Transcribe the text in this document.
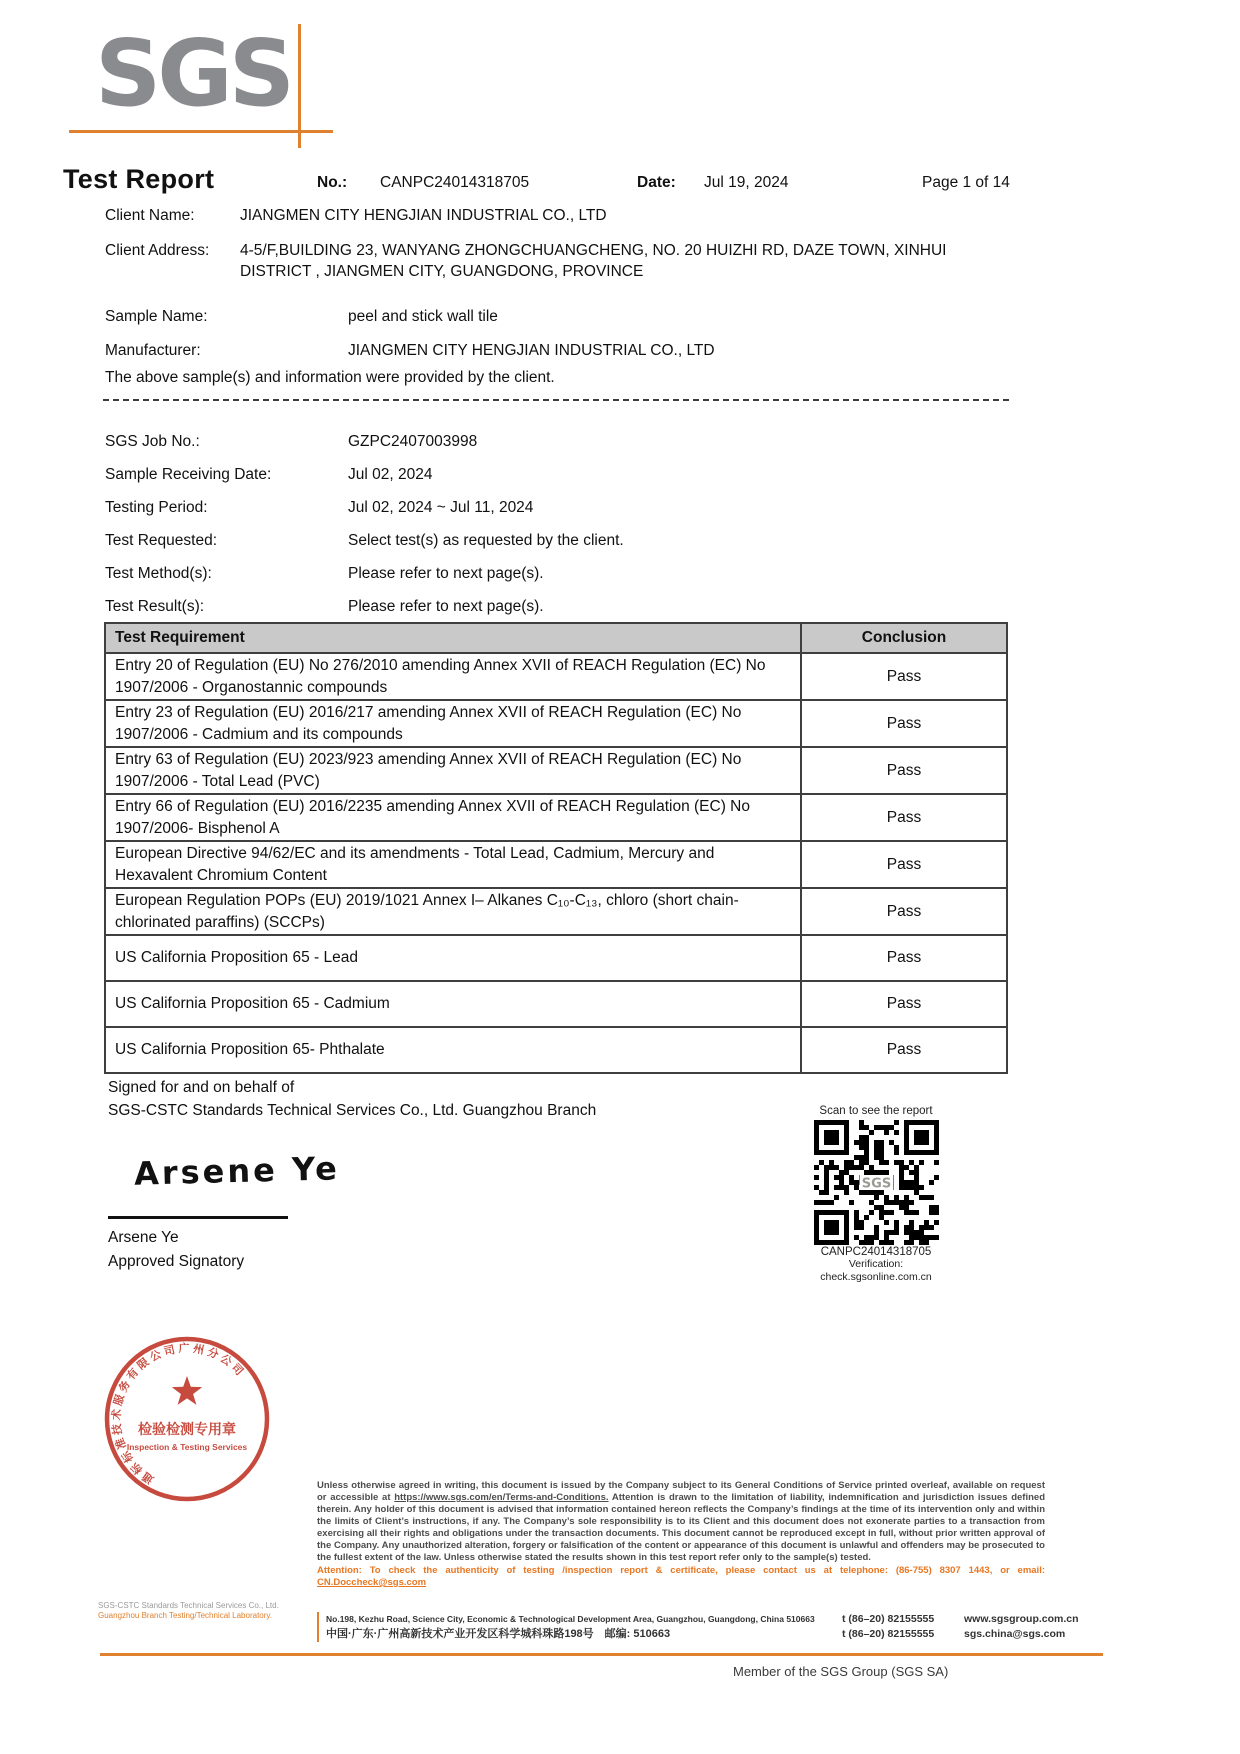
SGS
Test Report	No.: CANPC24014318705	Date: Jul 19, 2024	Page 1 of 14
Client Name:	JIANGMEN CITY HENGJIAN INDUSTRIAL CO., LTD
Client Address:	4-5/F,BUILDING 23, WANYANG ZHONGCHUANGCHENG, NO. 20 HUIZHI RD, DAZE TOWN, XINHUI DISTRICT , JIANGMEN CITY, GUANGDONG, PROVINCE
Sample Name:	peel and stick wall tile
Manufacturer:	JIANGMEN CITY HENGJIAN INDUSTRIAL CO., LTD
The above sample(s) and information were provided by the client.
SGS Job No.:	GZPC2407003998
Sample Receiving Date:	Jul 02, 2024
Testing Period:	Jul 02, 2024 ~ Jul 11, 2024
Test Requested:	Select test(s) as requested by the client.
Test Method(s):	Please refer to next page(s).
Test Result(s):	Please refer to next page(s).
Test Requirement	Conclusion
Entry 20 of Regulation (EU) No 276/2010 amending Annex XVII of REACH Regulation (EC) No 1907/2006 - Organostannic compounds	Pass
Entry 23 of Regulation (EU) 2016/217 amending Annex XVII of REACH Regulation (EC) No 1907/2006 - Cadmium and its compounds	Pass
Entry 63 of Regulation (EU) 2023/923 amending Annex XVII of REACH Regulation (EC) No 1907/2006 - Total Lead (PVC)	Pass
Entry 66 of Regulation (EU) 2016/2235 amending Annex XVII of REACH Regulation (EC) No 1907/2006- Bisphenol A	Pass
European Directive 94/62/EC and its amendments - Total Lead, Cadmium, Mercury and Hexavalent Chromium Content	Pass
European Regulation POPs (EU) 2019/1021 Annex I– Alkanes C₁₀-C₁₃, chloro (short chain-chlorinated paraffins) (SCCPs)	Pass
US California Proposition 65 - Lead	Pass
US California Proposition 65 - Cadmium	Pass
US California Proposition 65- Phthalate	Pass
Signed for and on behalf of
SGS-CSTC Standards Technical Services Co., Ltd. Guangzhou Branch
Arsene Ye
Arsene Ye
Approved Signatory
Scan to see the report
SGS
CANPC24014318705
Verification:
check.sgsonline.com.cn
SGS-CSTC Standards Technical Services Co., Ltd.
Guangzhou Branch Testing/Technical Laboratory.
Unless otherwise agreed in writing, this document is issued by the Company subject to its General Conditions of Service printed overleaf, available on request or accessible at https://www.sgs.com/en/Terms-and-Conditions. Attention is drawn to the limitation of liability, indemnification and jurisdiction issues defined therein. Any holder of this document is advised that information contained hereon reflects the Company’s findings at the time of its intervention only and within the limits of Client’s instructions, if any. The Company’s sole responsibility is to its Client and this document does not exonerate parties to a transaction from exercising all their rights and obligations under the transaction documents. This document cannot be reproduced except in full, without prior written approval of the Company. Any unauthorized alteration, forgery or falsification of the content or appearance of this document is unlawful and offenders may be prosecuted to the fullest extent of the law. Unless otherwise stated the results shown in this test report refer only to the sample(s) tested.
Attention: To check the authenticity of testing /inspection report & certificate, please contact us at telephone: (86-755) 8307 1443, or email: CN.Doccheck@sgs.com
No.198, Kezhu Road, Science City, Economic & Technological Development Area, Guangzhou, Guangdong, China 510663	t (86–20) 82155555	www.sgsgroup.com.cn
中国·广东·广州高新技术产业开发区科学城科珠路198号　邮编: 510663	t (86–20) 82155555	sgs.china@sgs.com
Member of the SGS Group (SGS SA)
通标标准技术服务有限公司广州分公司
检验检测专用章
Inspection & Testing Services
